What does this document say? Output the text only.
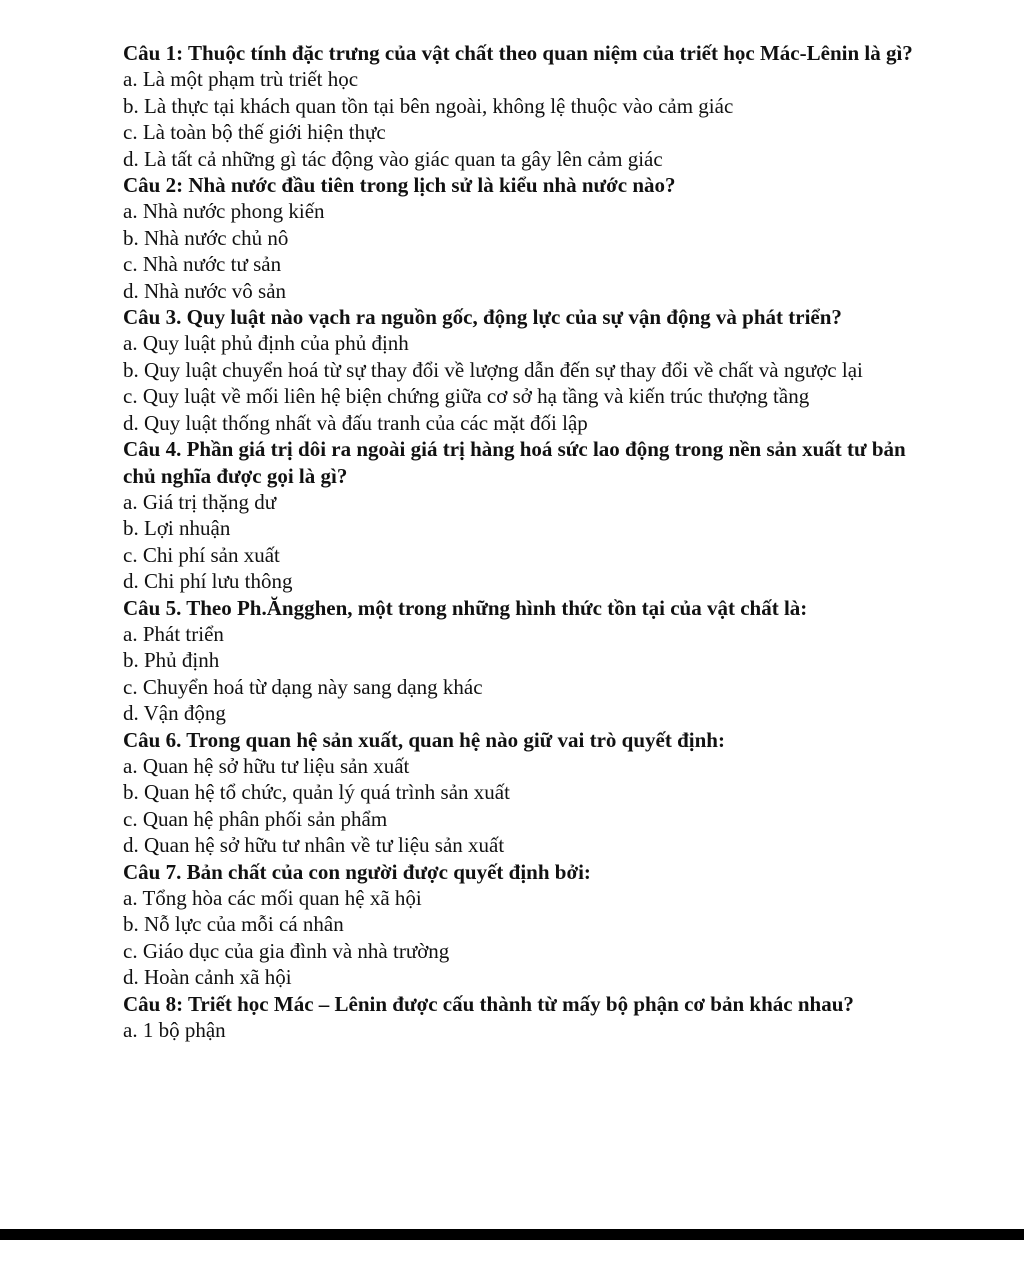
Câu 1: Thuộc tính đặc trưng của vật chất theo quan niệm của triết học Mác-Lênin là gì?

a. Là một phạm trù triết học

b. Là thực tại khách quan tồn tại bên ngoài, không lệ thuộc vào cảm giác

c. Là toàn bộ thế giới hiện thực

d. Là tất cả những gì tác động vào giác quan ta gây lên cảm giác

Câu 2: Nhà nước đầu tiên trong lịch sử là kiểu nhà nước nào?

a. Nhà nước phong kiến

b. Nhà nước chủ nô

c. Nhà nước tư sản

d. Nhà nước vô sản

Câu 3. Quy luật nào vạch ra nguồn gốc, động lực của sự vận động và phát triển?

a. Quy luật phủ định của phủ định

b. Quy luật chuyển hoá từ sự thay đổi về lượng dẫn đến sự thay đổi về chất và ngược lại

c. Quy luật về mối liên hệ biện chứng giữa cơ sở hạ tầng và kiến trúc thượng tầng

d. Quy luật thống nhất và đấu tranh của các mặt đối lập

Câu 4. Phần giá trị dôi ra ngoài giá trị hàng hoá sức lao động trong nền sản xuất tư bản chủ nghĩa được gọi là gì?

a. Giá trị thặng dư

b. Lợi nhuận

c. Chi phí sản xuất

d. Chi phí lưu thông

Câu 5. Theo Ph.Ăngghen, một trong những hình thức tồn tại của vật chất là:

a. Phát triển

b. Phủ định

c. Chuyển hoá từ dạng này sang dạng khác

d. Vận động

Câu 6. Trong quan hệ sản xuất, quan hệ nào giữ vai trò quyết định:

a. Quan hệ sở hữu tư liệu sản xuất

b. Quan hệ tổ chức, quản lý quá trình sản xuất

c. Quan hệ phân phối sản phẩm

d. Quan hệ sở hữu tư nhân về tư liệu sản xuất

Câu 7. Bản chất của con người được quyết định bởi:

a. Tổng hòa các mối quan hệ xã hội

b. Nỗ lực của mỗi cá nhân

c. Giáo dục của gia đình và nhà trường

d. Hoàn cảnh xã hội

Câu 8: Triết học Mác – Lênin được cấu thành từ mấy bộ phận cơ bản khác nhau?

a. 1 bộ phận
